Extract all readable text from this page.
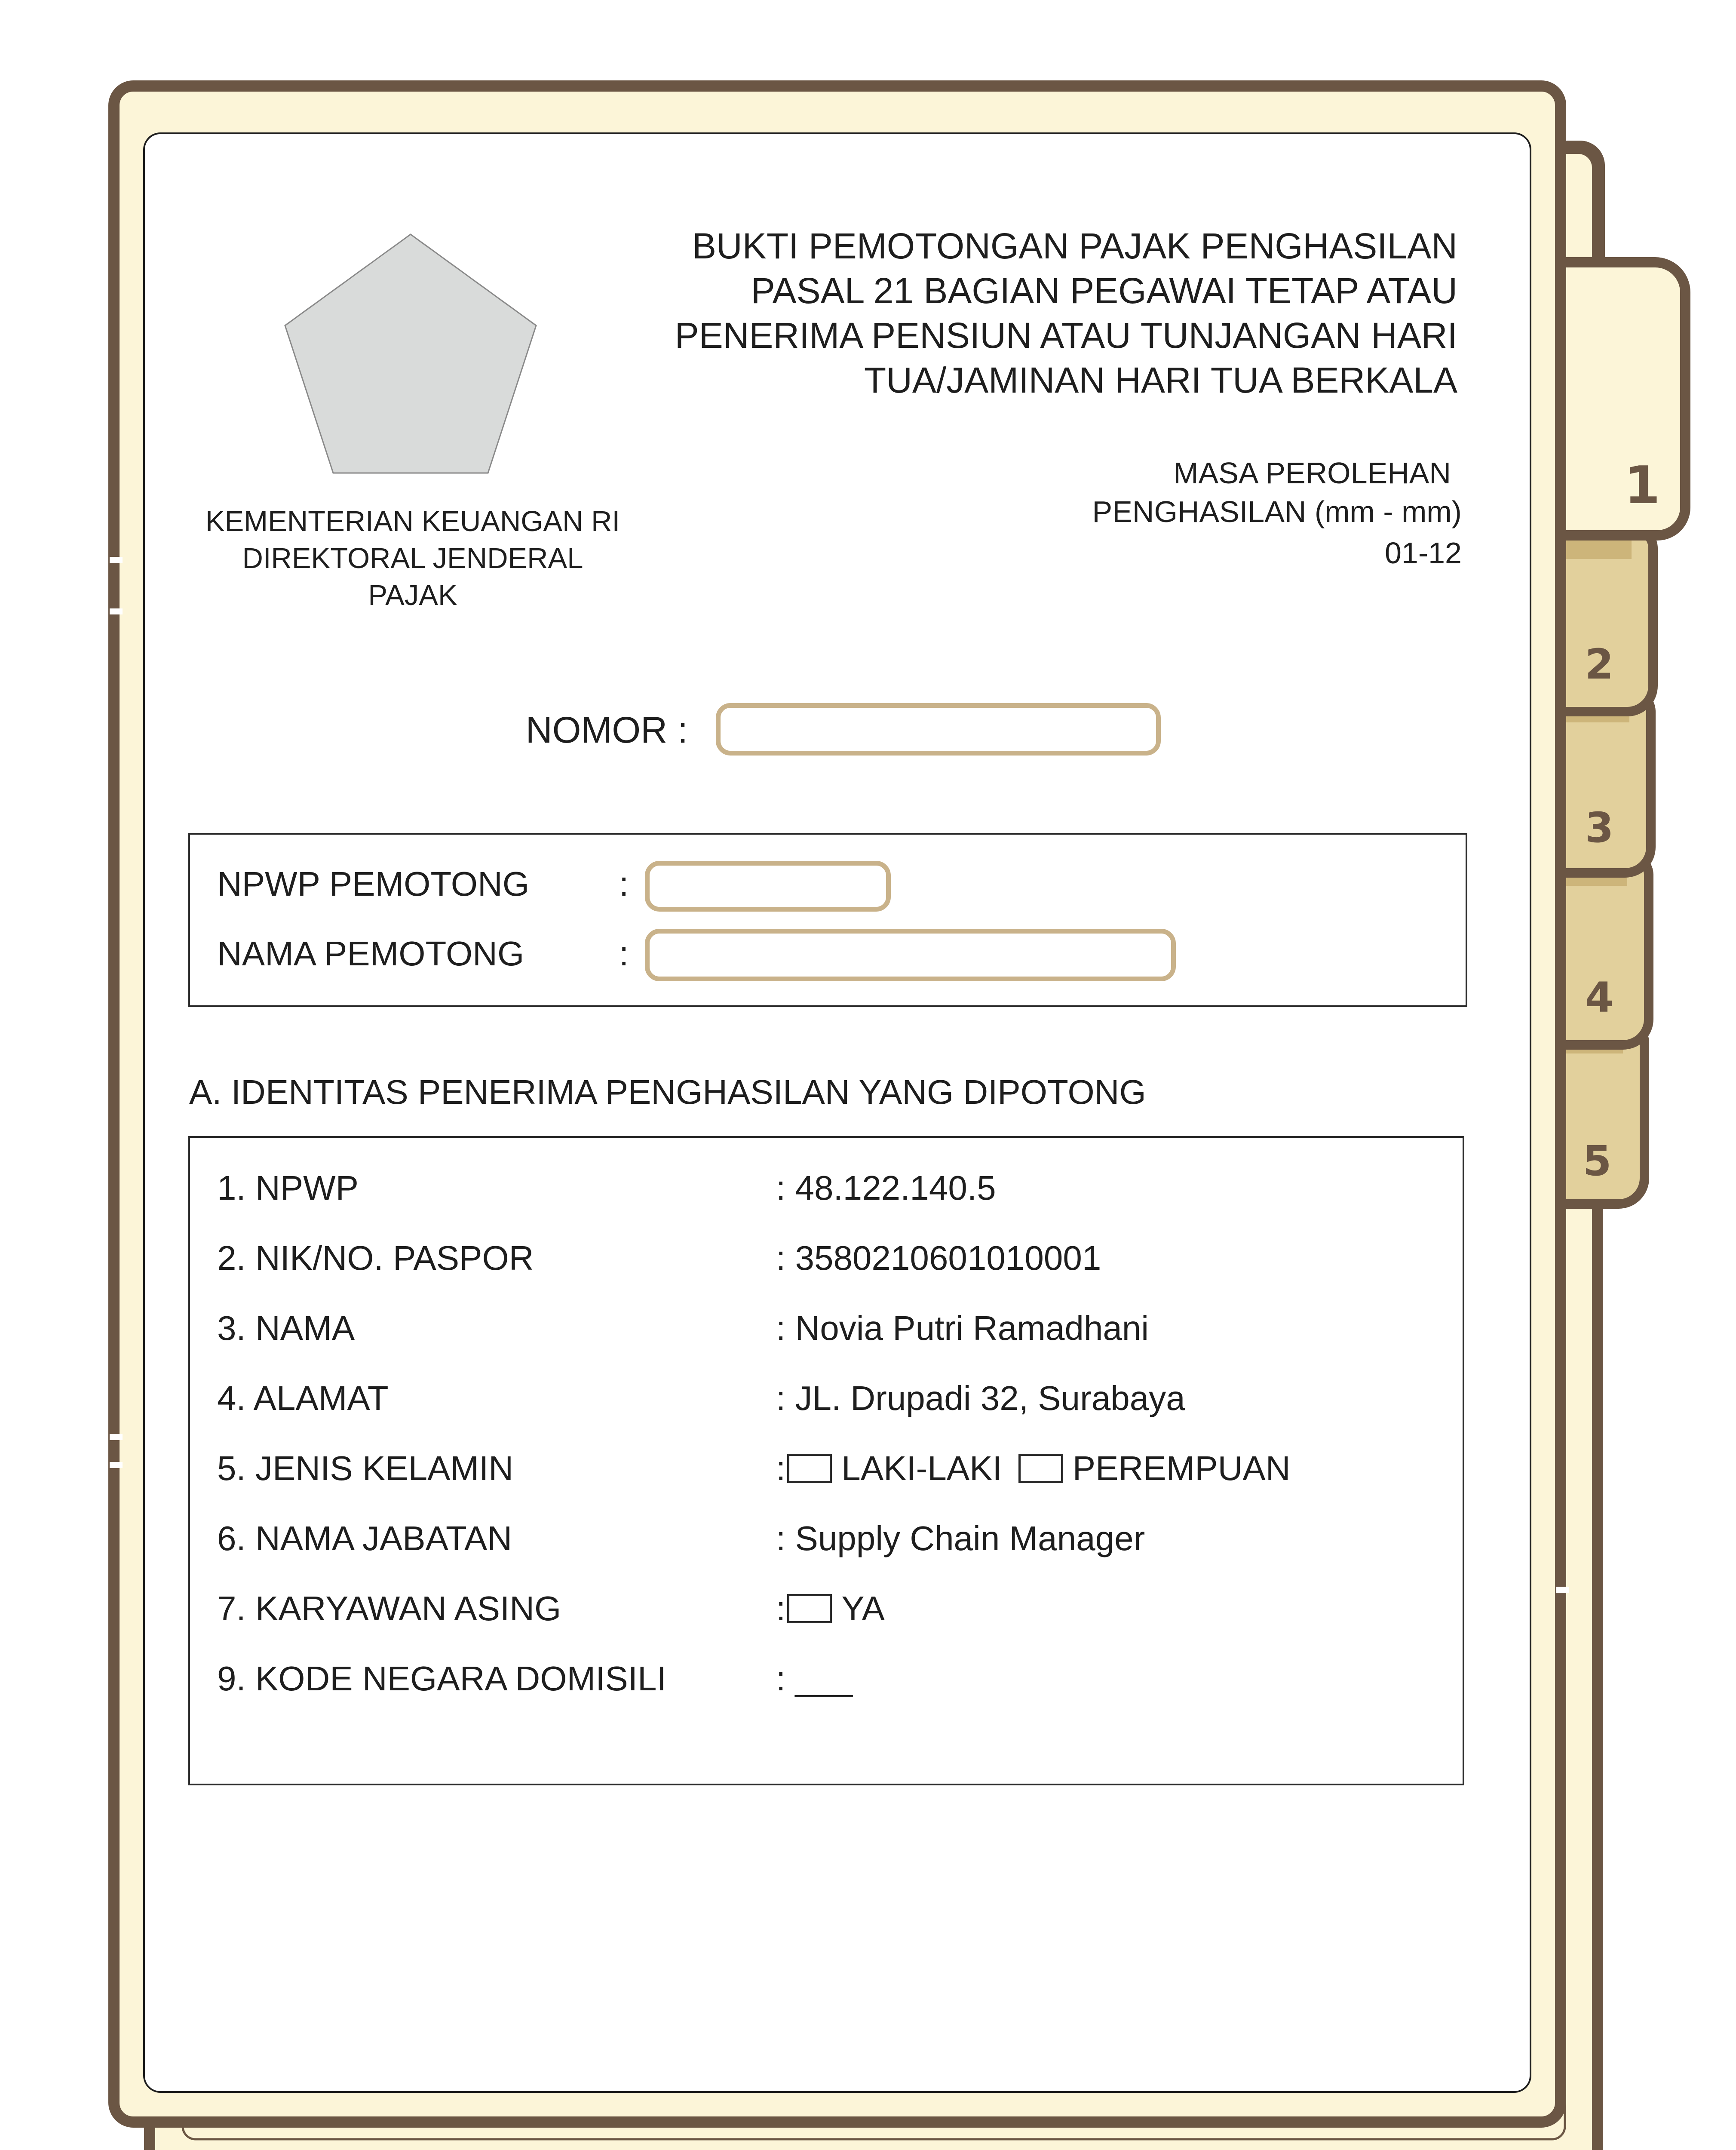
1
2
3
4
5
BUKTI PEMOTONGAN PAJAK PENGHASILAN
PASAL 21 BAGIAN PEGAWAI TETAP ATAU
PENERIMA PENSIUN ATAU TUNJANGAN HARI
TUA/JAMINAN HARI TUA BERKALA
KEMENTERIAN KEUANGAN RI
DIREKTORAL JENDERAL
PAJAK
MASA PEROLEHAN
PENGHASILAN (mm - mm)
01-12
NOMOR :
NPWP PEMOTONG	:
NAMA PEMOTONG	:
A. IDENTITAS PENERIMA PENGHASILAN YANG DIPOTONG
1. NPWP	: 48.122.140.5
2. NIK/NO. PASPOR	: 3580210601010001
3. NAMA	: Novia Putri Ramadhani
4. ALAMAT	: JL. Drupadi 32, Surabaya
5. JENIS KELAMIN	: LAKI-LAKI PEREMPUAN
6. NAMA JABATAN	: Supply Chain Manager
7. KARYAWAN ASING	: YA
9. KODE NEGARA DOMISILI	: ___
